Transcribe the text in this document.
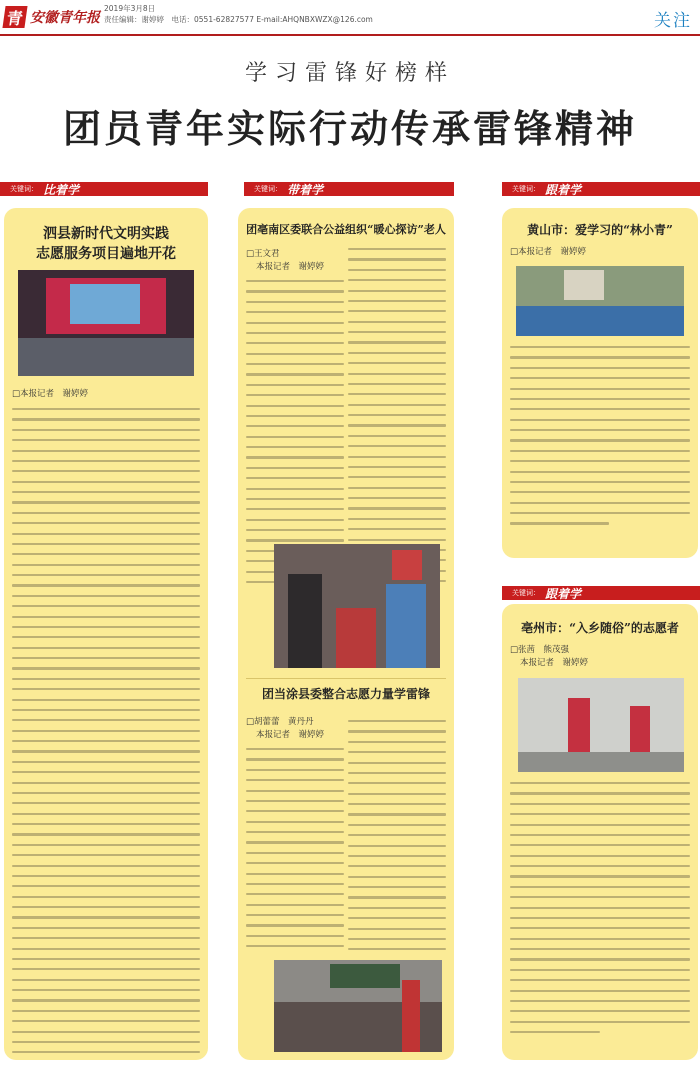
青 安徽青年报
2019年3月8日
责任编辑：谢婷婷　电话：0551-62827577 E-mail:AHQNBXWZX@126.com	关注
学习雷锋好榜样
团员青年实际行动传承雷锋精神
关键词： 比着学	关键词： 带着学	关键词： 跟着学
关键词： 跟着学
泗县新时代文明实践
志愿服务项目遍地开花
□本报记者　谢婷婷
团亳南区委联合公益组织“暖心探访”老人
□王文君
本报记者　谢婷婷
团当涂县委整合志愿力量学雷锋
□胡蕾蕾　黄丹丹
本报记者　谢婷婷
黄山市：爱学习的“林小青”
□本报记者　谢婷婷
亳州市：“入乡随俗”的志愿者
□张茜　熊茂强
本报记者　谢婷婷
